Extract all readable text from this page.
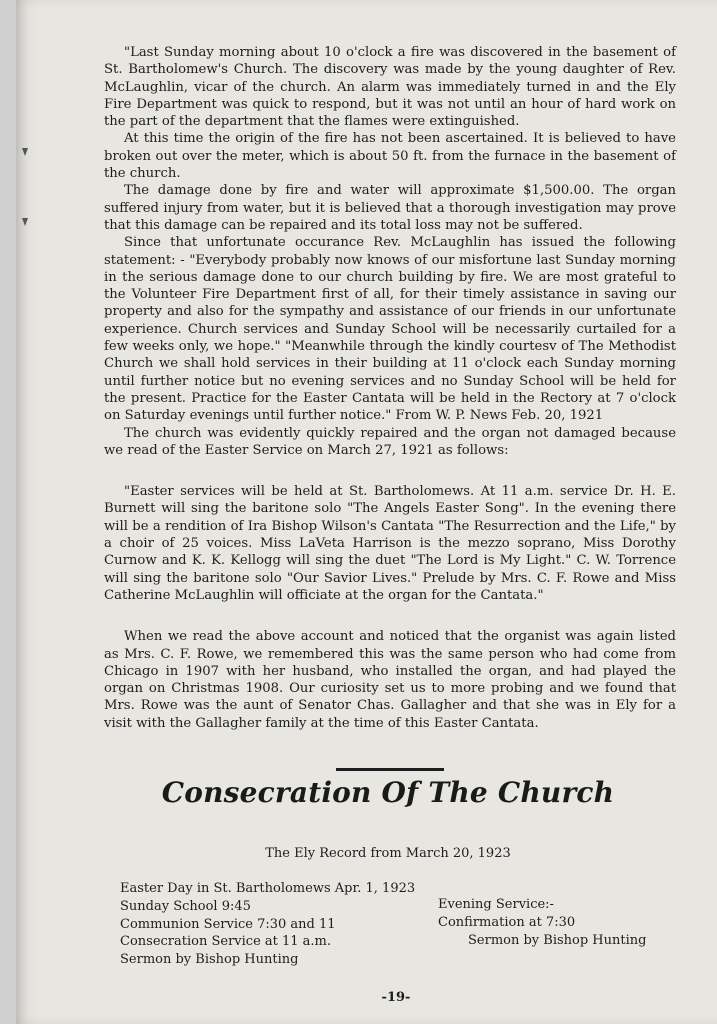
"Last Sunday morning about 10 o'clock a fire was discovered in the basement of St. Bartholomew's Church. The discovery was made by the young daughter of Rev. McLaughlin, vicar of the church. An alarm was immediately turned in and the Ely Fire Department was quick to respond, but it was not until an hour of hard work on the part of the department that the flames were extinguished.

At this time the origin of the fire has not been ascertained. It is believed to have broken out over the meter, which is about 50 ft. from the furnace in the basement of the church.

The damage done by fire and water will approximate $1,500.00. The organ suffered injury from water, but it is believed that a thorough investigation may prove that this damage can be repaired and its total loss may not be suffered.

Since that unfortunate occurance Rev. McLaughlin has issued the following statement: - "Everybody probably now knows of our misfortune last Sunday morning in the serious damage done to our church building by fire. We are most grateful to the Volunteer Fire Department first of all, for their timely assistance in saving our property and also for the sympathy and assistance of our friends in our unfortunate experience. Church services and Sunday School will be necessarily curtailed for a few weeks only, we hope." "Meanwhile through the kindly courtesv of The Methodist Church we shall hold services in their building at 11 o'clock each Sunday morning until further notice but no evening services and no Sunday School will be held for the present. Practice for the Easter Cantata will be held in the Rectory at 7 o'clock on Saturday evenings until further notice." From W. P. News Feb. 20, 1921

The church was evidently quickly repaired and the organ not damaged because we read of the Easter Service on March 27, 1921 as follows:

"Easter services will be held at St. Bartholomews. At 11 a.m. service Dr. H. E. Burnett will sing the baritone solo "The Angels Easter Song". In the evening there will be a rendition of Ira Bishop Wilson's Cantata "The Resurrection and the Life," by a choir of 25 voices. Miss LaVeta Harrison is the mezzo soprano, Miss Dorothy Curnow and K. K. Kellogg will sing the duet "The Lord is My Light." C. W. Torrence will sing the baritone solo "Our Savior Lives." Prelude by Mrs. C. F. Rowe and Miss Catherine McLaughlin will officiate at the organ for the Cantata."

When we read the above account and noticed that the organist was again listed as Mrs. C. F. Rowe, we remembered this was the same person who had come from Chicago in 1907 with her husband, who installed the organ, and had played the organ on Christmas 1908. Our curiosity set us to more probing and we found that Mrs. Rowe was the aunt of Senator Chas. Gallagher and that she was in Ely for a visit with the Gallagher family at the time of this Easter Cantata.

Consecration Of The Church
The Ely Record from March 20, 1923
Easter Day in St. Bartholomews Apr. 1, 1923
Sunday School 9:45
Communion Service 7:30 and 11
Consecration Service at 11 a.m.
Sermon by Bishop Hunting
Evening Service:-
Confirmation at 7:30
Sermon by Bishop Hunting
-19-
